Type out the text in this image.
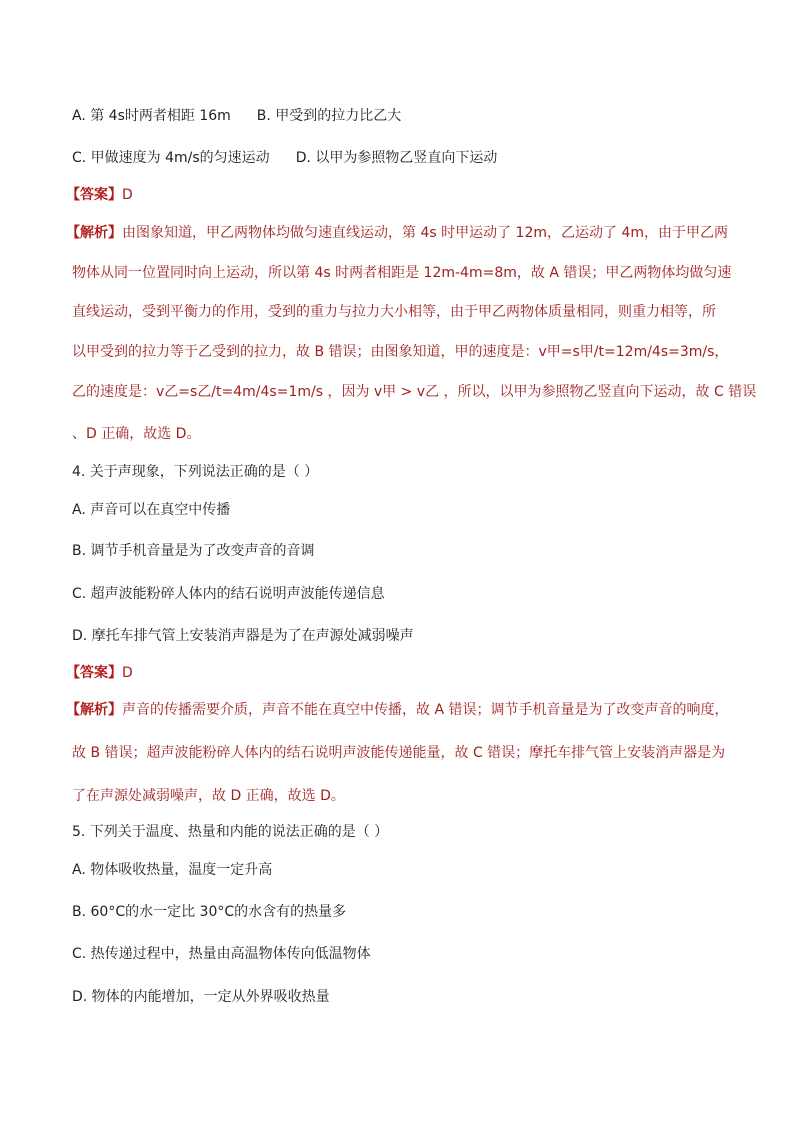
A. 第 4s时两者相距 16m B. 甲受到的拉力比乙大
C. 甲做速度为 4m/s的匀速运动 D. 以甲为参照物乙竖直向下运动
【答案】D
【解析】由图象知道，甲乙两物体均做匀速直线运动，第 4s 时甲运动了 12m，乙运动了 4m，由于甲乙两
物体从同一位置同时向上运动，所以第 4s 时两者相距是 12m-4m=8m，故 A 错误；甲乙两物体均做匀速
直线运动，受到平衡力的作用，受到的重力与拉力大小相等，由于甲乙两物体质量相同，则重力相等，所
以甲受到的拉力等于乙受到的拉力，故 B 错误；由图象知道，甲的速度是：v甲=s甲/t=12m/4s=3m/s，
乙的速度是：v乙=s乙/t=4m/4s=1m/s ，因为 v甲 > v乙 ，所以，以甲为参照物乙竖直向下运动，故 C 错误
、D 正确，故选 D。
4. 关于声现象，下列说法正确的是（ ）
A. 声音可以在真空中传播
B. 调节手机音量是为了改变声音的音调
C. 超声波能粉碎人体内的结石说明声波能传递信息
D. 摩托车排气管上安装消声器是为了在声源处减弱噪声
【答案】D
【解析】声音的传播需要介质，声音不能在真空中传播，故 A 错误；调节手机音量是为了改变声音的响度，
故 B 错误；超声波能粉碎人体内的结石说明声波能传递能量，故 C 错误；摩托车排气管上安装消声器是为
了在声源处减弱噪声，故 D 正确，故选 D。
5. 下列关于温度、热量和内能的说法正确的是（ ）
A. 物体吸收热量，温度一定升高
B. 60°C的水一定比 30°C的水含有的热量多
C. 热传递过程中，热量由高温物体传向低温物体
D. 物体的内能增加，一定从外界吸收热量
